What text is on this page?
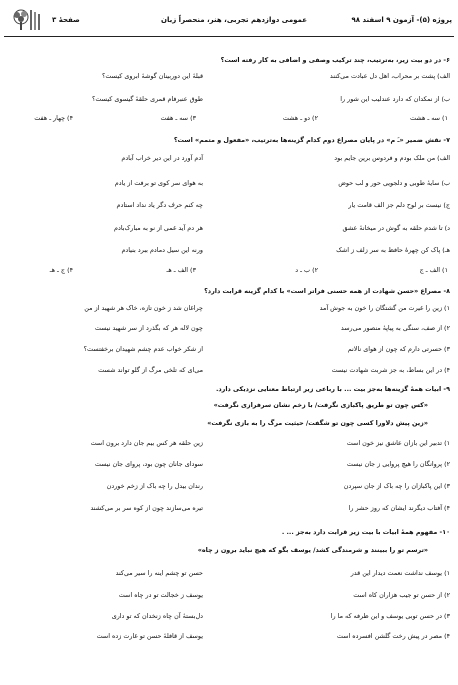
پروژه (۵)- آزمون ۹ اسفند ۹۸
عمومی دوازدهم تجربی، هنر، منحصراً زبان
صفحهٔ ۳
۶- در دو بیت زیر، به‌ترتیب، چند ترکیب وصفی و اضافی به کار رفته است؟
الف) پشت بر محراب، اهل دل عبادت می‌کنند
قبلهٔ این دوربینان گوشهٔ ابروی کیست؟
ب) از نمکدان که دارد عندلیب این شور را
طوق عنبرفام قمری حلقهٔ گیسوی کیست؟
۱) سه ـ هشت
۲) دو ـ هشت
۳) سه ـ هفت
۴) چهار ـ هفت
۷- نقش ضمیر «ـَ م» در پایان مصراع دوم کدام گزینه‌ها به‌ترتیب، «مفعول و متمم» است؟
الف) من ملک بودم و فردوس برین جایم بود
آدم آورد در این دیر خراب آبادم
ب) سایهٔ طوبی و دلجویی حور و لب حوض
به هوای سر کوی تو برفت از یادم
ج) نیست بر لوح دلم جز الف قامت یار
چه کنم حرف دگر یاد نداد استادم
د) تا شدم حلقه به گوش در میخانهٔ عشق
هر دم آید غمی از نو به مبارک‌بادم
هـ) پاک کن چهرهٔ حافظ به سر زلف ز اشک
ورنه این سیل دمادم ببرد بنیادم
۱) الف ـ ج
۲) ب ـ د
۳) الف ـ هـ
۴) ج ـ هـ
۸- مصراع «حسن شهادت از همه حسنی فراتر است» با کدام گزینه قرابت دارد؟
۱) زین را غیرت من گشتگان را خون به جوش آمد
چراغان شد ز خون تازه، خاک هر شهید از من
۲) از صف، سنگی به پیاپهٔ منصور می‌رسد
چون لاله هر که بگذرد از سر شهید نیست
۳) حسرتی دارم که چون از هوای نالانم
از شکر خواب عدم چشم شهیدان برخفتست؟
۴) در این بساط، به جز شربت شهادت نیست
می‌ای که تلخی مرگ از گلو تواند شست
۹- ابیات همهٔ گزینه‌ها به‌جز بیت ... با رباعی زیر ارتباط معنایی نزدیکی دارد.
«کس چون تو طریق پاکبازی نگرفت/ با زخم نشان سرفرازی نگرفت»
«زین پیش دلاورا کسی چون تو شگفت/ حیثیت مرگ را به بازی نگرفت»
۱) تدبیر این بازان عاشق نیز خون است
زین حلقه هر کس بیم جان دارد برون است
۲) پروانگان را هیچ پروایی ز جان نیست
سودای جانان چون بود، پروای جان نیست
۳) این پاکبازان را چه باک از جان سپردن
رندان بیدل را چه باک از زخم خوردن
۴) آفتاب دیگرند ایشان که روز حشر را
تیره می‌سازند چون از کوه سر بر می‌کشند
۱۰- مفهوم همهٔ ابیات با بیت زیر قرابت دارد به‌جز ... .
«ترسم تو را ببینند و شرمندگی کشد/ یوسف بگو که هیچ نباید برون ز چاه»
۱) یوسف نداشت نعمت دیدار این قدر
حسن تو چشم اینه را سیر می‌کند
۲) از حسن تو جیب هزاران کاه است
یوسف ز خجالت تو در چاه است
۳) در حسن توبی یوسف و این ظرفه که ما را
دل‌بستهٔ آن چاه زنخدان که تو داری
۴) مصر در پیش رخت گلشن افسرده است
یوسف از قافلهٔ حسن تو غارت زده است
